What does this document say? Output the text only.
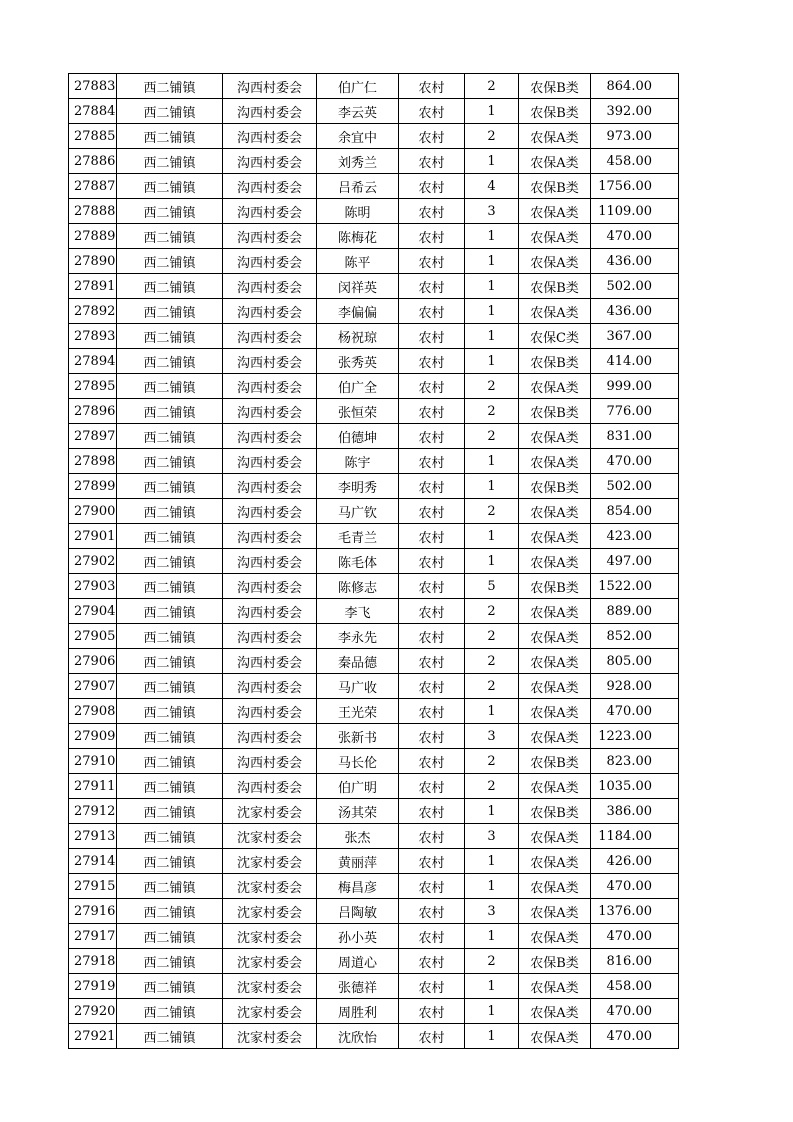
27883	西二铺镇	沟西村委会	伯广仁	农村	2	农保B类	864.00
27884	西二铺镇	沟西村委会	李云英	农村	1	农保B类	392.00
27885	西二铺镇	沟西村委会	余宜中	农村	2	农保A类	973.00
27886	西二铺镇	沟西村委会	刘秀兰	农村	1	农保A类	458.00
27887	西二铺镇	沟西村委会	吕希云	农村	4	农保B类	1756.00
27888	西二铺镇	沟西村委会	陈明	农村	3	农保A类	1109.00
27889	西二铺镇	沟西村委会	陈梅花	农村	1	农保A类	470.00
27890	西二铺镇	沟西村委会	陈平	农村	1	农保A类	436.00
27891	西二铺镇	沟西村委会	闵祥英	农村	1	农保B类	502.00
27892	西二铺镇	沟西村委会	李偏偏	农村	1	农保A类	436.00
27893	西二铺镇	沟西村委会	杨祝琼	农村	1	农保C类	367.00
27894	西二铺镇	沟西村委会	张秀英	农村	1	农保B类	414.00
27895	西二铺镇	沟西村委会	伯广全	农村	2	农保A类	999.00
27896	西二铺镇	沟西村委会	张恒荣	农村	2	农保B类	776.00
27897	西二铺镇	沟西村委会	伯德坤	农村	2	农保A类	831.00
27898	西二铺镇	沟西村委会	陈宇	农村	1	农保A类	470.00
27899	西二铺镇	沟西村委会	李明秀	农村	1	农保B类	502.00
27900	西二铺镇	沟西村委会	马广钦	农村	2	农保A类	854.00
27901	西二铺镇	沟西村委会	毛青兰	农村	1	农保A类	423.00
27902	西二铺镇	沟西村委会	陈毛体	农村	1	农保A类	497.00
27903	西二铺镇	沟西村委会	陈修志	农村	5	农保B类	1522.00
27904	西二铺镇	沟西村委会	李飞	农村	2	农保A类	889.00
27905	西二铺镇	沟西村委会	李永先	农村	2	农保A类	852.00
27906	西二铺镇	沟西村委会	秦品德	农村	2	农保A类	805.00
27907	西二铺镇	沟西村委会	马广收	农村	2	农保A类	928.00
27908	西二铺镇	沟西村委会	王光荣	农村	1	农保A类	470.00
27909	西二铺镇	沟西村委会	张新书	农村	3	农保A类	1223.00
27910	西二铺镇	沟西村委会	马长伦	农村	2	农保B类	823.00
27911	西二铺镇	沟西村委会	伯广明	农村	2	农保A类	1035.00
27912	西二铺镇	沈家村委会	汤其荣	农村	1	农保B类	386.00
27913	西二铺镇	沈家村委会	张杰	农村	3	农保A类	1184.00
27914	西二铺镇	沈家村委会	黄丽萍	农村	1	农保A类	426.00
27915	西二铺镇	沈家村委会	梅昌彦	农村	1	农保A类	470.00
27916	西二铺镇	沈家村委会	吕陶敏	农村	3	农保A类	1376.00
27917	西二铺镇	沈家村委会	孙小英	农村	1	农保A类	470.00
27918	西二铺镇	沈家村委会	周道心	农村	2	农保B类	816.00
27919	西二铺镇	沈家村委会	张德祥	农村	1	农保A类	458.00
27920	西二铺镇	沈家村委会	周胜利	农村	1	农保A类	470.00
27921	西二铺镇	沈家村委会	沈欣怡	农村	1	农保A类	470.00
